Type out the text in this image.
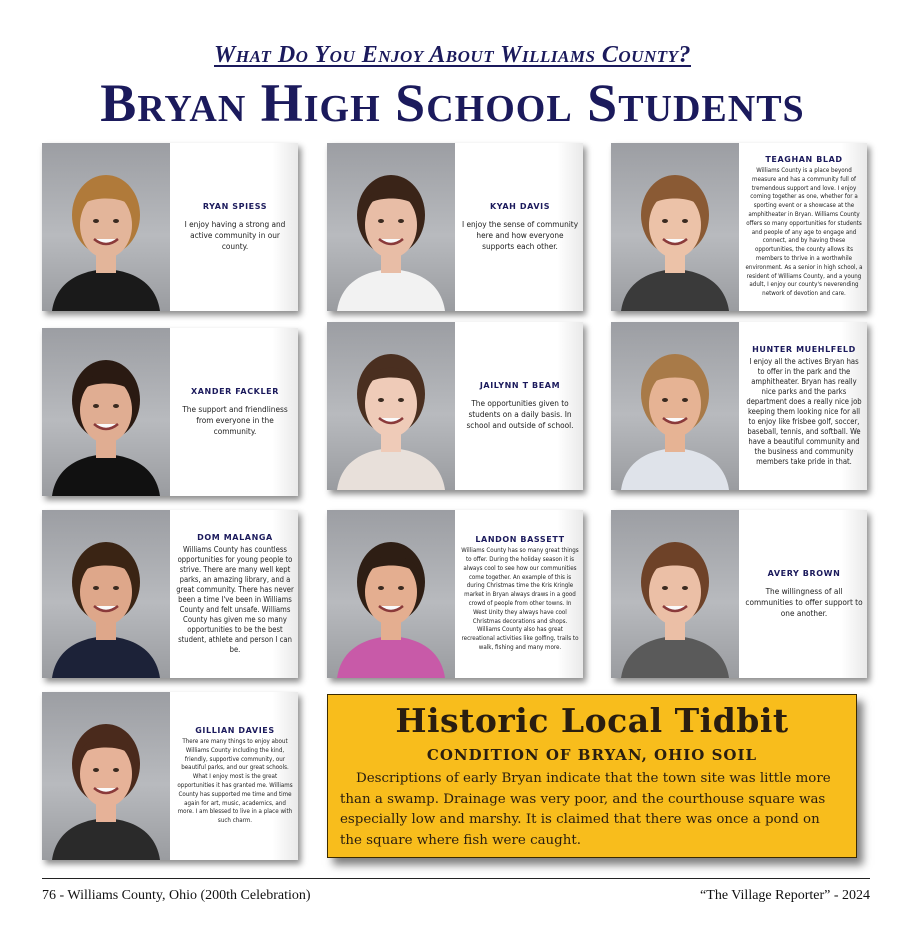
What Do You Enjoy About Williams County?
Bryan High School Students
RYAN SPIESS
I enjoy having a strong and active community in our county.
KYAH DAVIS
I enjoy the sense of community here and how everyone supports each other.
TEAGHAN BLAD
Williams County is a place beyond measure and has a community full of tremendous support and love. I enjoy coming together as one, whether for a sporting event or a showcase at the amphitheater in Bryan. Williams County offers so many opportunities for students and people of any age to engage and connect, and by having these opportunities, the county allows its members to thrive in a worthwhile environment. As a senior in high school, a resident of Williams County, and a young adult, I enjoy our county's neverending network of devotion and care.
XANDER FACKLER
The support and friendliness from everyone in the community.
JAILYNN T BEAM
The opportunities given to students on a daily basis. In school and outside of school.
HUNTER MUEHLFELD
I enjoy all the actives Bryan has to offer in the park and the amphitheater. Bryan has really nice parks and the parks department does a really nice job keeping them looking nice for all to enjoy like frisbee golf, soccer, baseball, tennis, and softball. We have a beautiful community and the business and community members take pride in that.
DOM MALANGA
Williams County has countless opportunities for young people to strive. There are many well kept parks, an amazing library, and a great community. There has never been a time I've been in Williams County and felt unsafe. Williams County has given me so many opportunities to be the best student, athlete and person I can be.
LANDON BASSETT
Williams County has so many great things to offer. During the holiday season it is always cool to see how our communities come together. An example of this is during Christmas time the Kris Kringle market in Bryan always draws in a good crowd of people from other towns. In West Unity they always have cool Christmas decorations and shops. Williams County also has great recreational activities like golfing, trails to walk, fishing and many more.
AVERY BROWN
The willingness of all communities to offer support to one another.
GILLIAN DAVIES
There are many things to enjoy about Williams County including the kind, friendly, supportive community, our beautiful parks, and our great schools. What I enjoy most is the great opportunities it has granted me. Williams County has supported me time and time again for art, music, academics, and more. I am blessed to live in a place with such charm.
Historic Local Tidbit
CONDITION OF BRYAN, OHIO SOIL
Descriptions of early Bryan indicate that the town site was little more than a swamp. Drainage was very poor, and the courthouse square was especially low and marshy. It is claimed that there was once a pond on the square where fish were caught.
76 - Williams County, Ohio (200th Celebration)	“The Village Reporter” - 2024
